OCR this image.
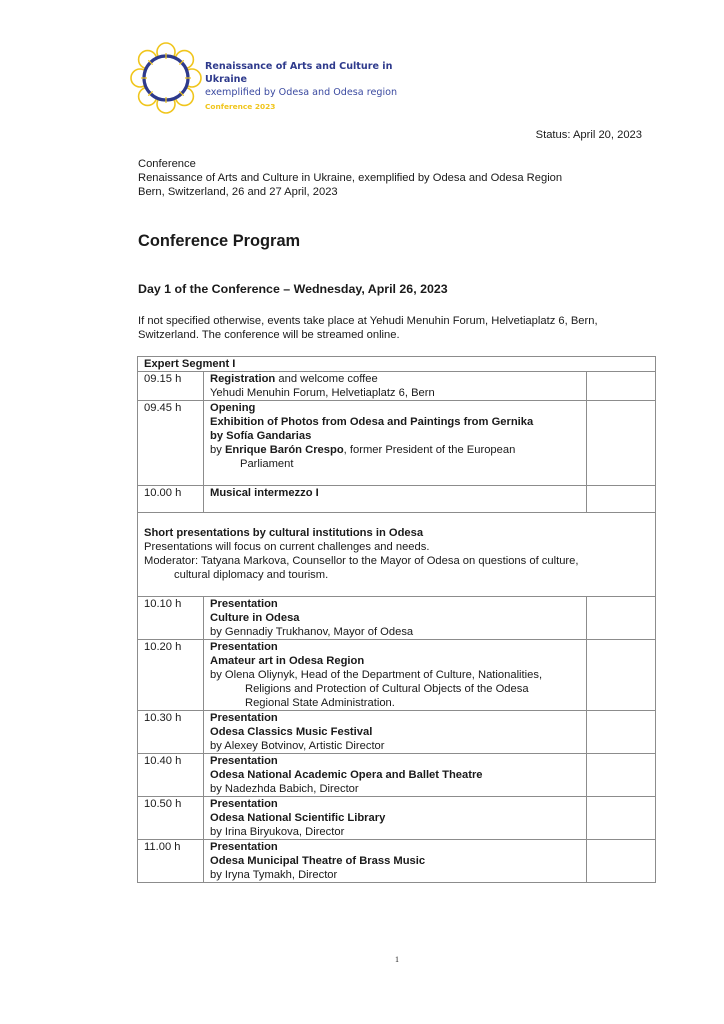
Renaissance of Arts and Culture in Ukraine
exemplified by Odesa and Odesa region
Conference 2023
Status: April 20, 2023
Conference
Renaissance of Arts and Culture in Ukraine, exemplified by Odesa and Odesa Region
Bern, Switzerland, 26 and 27 April, 2023
Conference Program
Day 1 of the Conference – Wednesday, April 26, 2023
If not specified otherwise, events take place at Yehudi Menuhin Forum, Helvetiaplatz 6, Bern, Switzerland. The conference will be streamed online.
Expert Segment I		
09.15 h	Registration and welcome coffee
Yehudi Menuhin Forum, Helvetiaplatz 6, Bern	

09.45 h	Opening
Exhibition of Photos from Odesa and Paintings from Gernika
by Sofía Gandarias
by Enrique Barón Crespo, former President of the European
Parliament	

10.00 h	Musical intermezzo I	

Short presentations by cultural institutions in Odesa
Presentations will focus on current challenges and needs.
Moderator: Tatyana Markova, Counsellor to the Mayor of Odesa on questions of culture,
cultural diplomacy and tourism.		

10.10 h	Presentation
Culture in Odesa
by Gennadiy Trukhanov, Mayor of Odesa	

10.20 h	Presentation
Amateur art in Odesa Region
by Olena Oliynyk, Head of the Department of Culture, Nationalities,
Religions and Protection of Cultural Objects of the Odesa
Regional State Administration.	

10.30 h	Presentation
Odesa Classics Music Festival
by Alexey Botvinov, Artistic Director	

10.40 h	Presentation
Odesa National Academic Opera and Ballet Theatre
by Nadezhda Babich, Director	

10.50 h	Presentation
Odesa National Scientific Library
by Irina Biryukova, Director	

11.00 h	Presentation
Odesa Municipal Theatre of Brass Music
by Iryna Tymakh, Director	

1
